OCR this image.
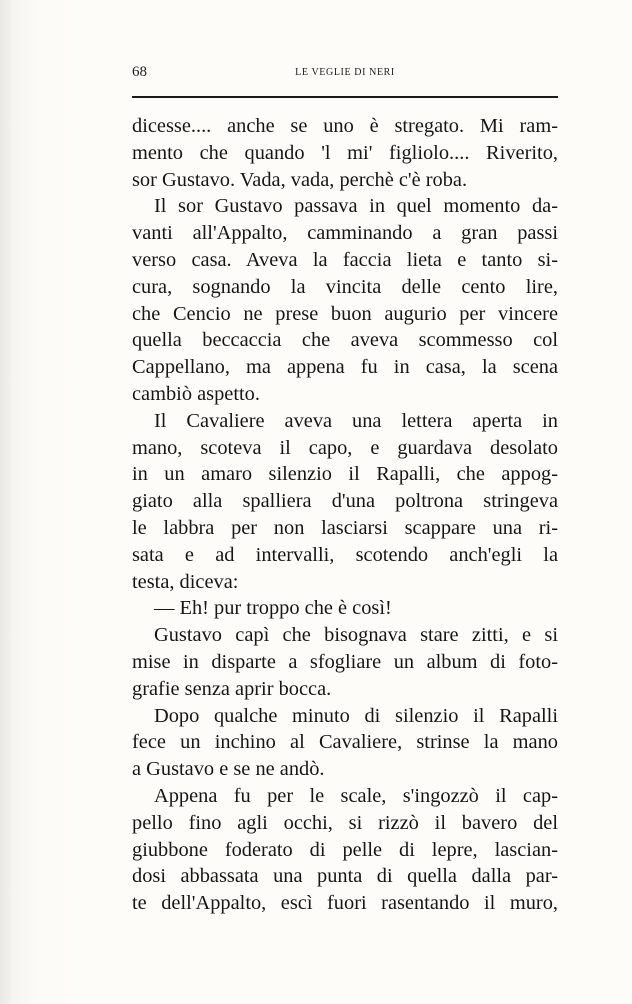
68	LE VEGLIE DI NERI
dicesse.... anche se uno è stregato. Mi ram-
mento che quando 'l mi' figliolo.... Riverito,
sor Gustavo. Vada, vada, perchè c'è roba.
Il sor Gustavo passava in quel momento da-
vanti all'Appalto, camminando a gran passi
verso casa. Aveva la faccia lieta e tanto si-
cura, sognando la vincita delle cento lire,
che Cencio ne prese buon augurio per vincere
quella beccaccia che aveva scommesso col
Cappellano, ma appena fu in casa, la scena
cambiò aspetto.
Il Cavaliere aveva una lettera aperta in
mano, scoteva il capo, e guardava desolato
in un amaro silenzio il Rapalli, che appog-
giato alla spalliera d'una poltrona stringeva
le labbra per non lasciarsi scappare una ri-
sata e ad intervalli, scotendo anch'egli la
testa, diceva:
— Eh! pur troppo che è così!
Gustavo capì che bisognava stare zitti, e si
mise in disparte a sfogliare un album di foto-
grafie senza aprir bocca.
Dopo qualche minuto di silenzio il Rapalli
fece un inchino al Cavaliere, strinse la mano
a Gustavo e se ne andò.
Appena fu per le scale, s'ingozzò il cap-
pello fino agli occhi, si rizzò il bavero del
giubbone foderato di pelle di lepre, lascian-
dosi abbassata una punta di quella dalla par-
te dell'Appalto, escì fuori rasentando il muro,
